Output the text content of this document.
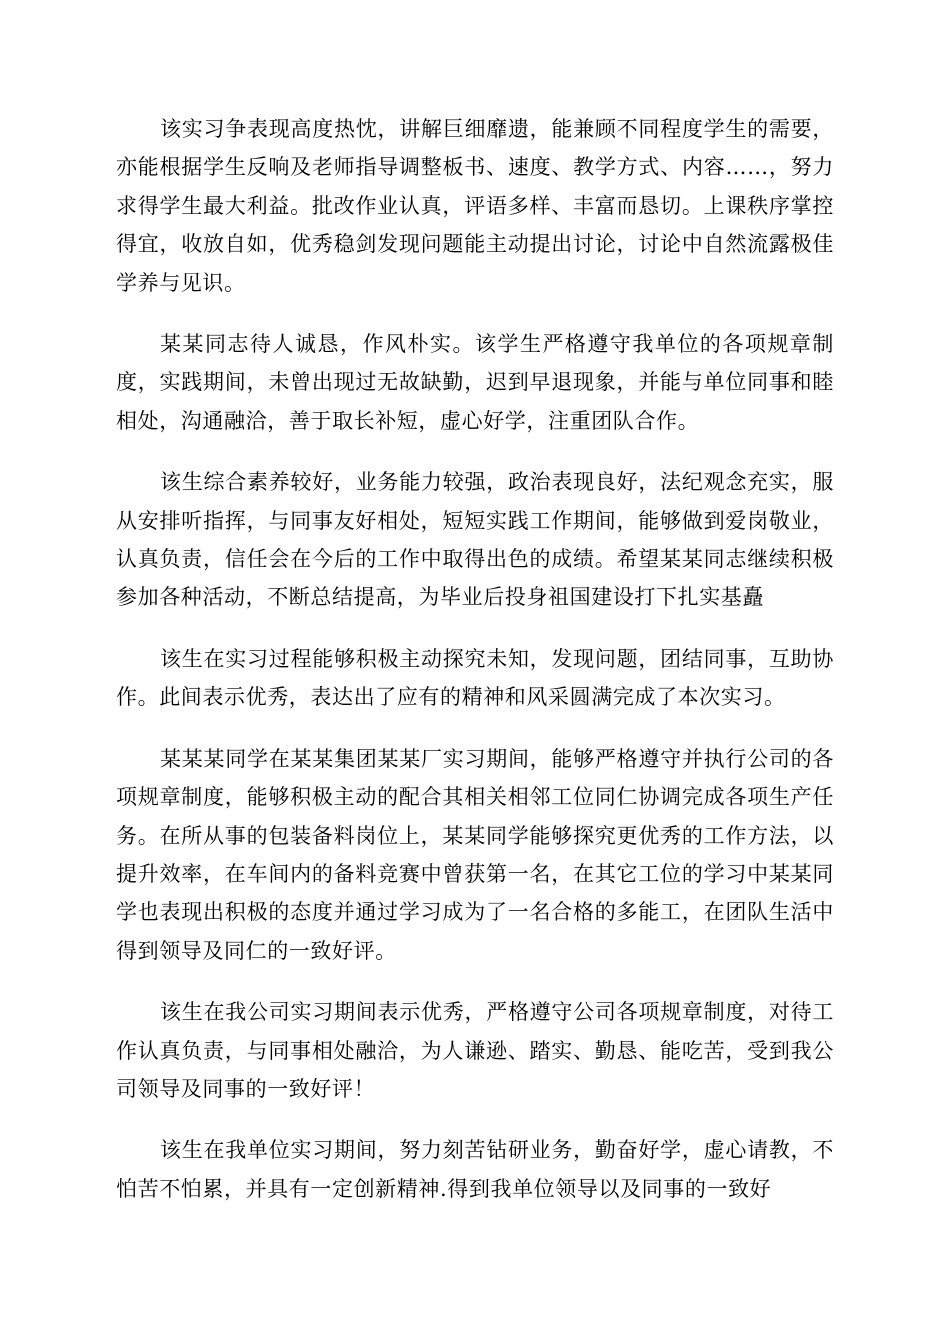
该实习争表现高度热忱，讲解巨细靡遗，能兼顾不同程度学生的需要，亦能根据学生反响及老师指导调整板书、速度、教学方式、内容……，努力求得学生最大利益。批改作业认真，评语多样、丰富而恳切。上课秩序掌控得宜，收放自如，优秀稳剑发现问题能主动提出讨论，讨论中自然流露极佳学养与见识。

某某同志待人诚恳，作风朴实。该学生严格遵守我单位的各项规章制度，实践期间，未曾出现过无故缺勤，迟到早退现象，并能与单位同事和睦相处，沟通融洽，善于取长补短，虚心好学，注重团队合作。

该生综合素养较好，业务能力较强，政治表现良好，法纪观念充实，服从安排听指挥，与同事友好相处，短短实践工作期间，能够做到爱岗敬业，认真负责，信任会在今后的工作中取得出色的成绩。希望某某同志继续积极参加各种活动，不断总结提高，为毕业后投身祖国建设打下扎实基矗

该生在实习过程能够积极主动探究未知，发现问题，团结同事，互助协作。此间表示优秀，表达出了应有的精神和风采圆满完成了本次实习。

某某某同学在某某集团某某厂实习期间，能够严格遵守并执行公司的各项规章制度，能够积极主动的配合其相关相邻工位同仁协调完成各项生产任务。在所从事的包装备料岗位上，某某同学能够探究更优秀的工作方法，以提升效率，在车间内的备料竞赛中曾获第一名，在其它工位的学习中某某同学也表现出积极的态度并通过学习成为了一名合格的多能工，在团队生活中得到领导及同仁的一致好评。

该生在我公司实习期间表示优秀，严格遵守公司各项规章制度，对待工作认真负责，与同事相处融洽，为人谦逊、踏实、勤恳、能吃苦，受到我公司领导及同事的一致好评！

该生在我单位实习期间，努力刻苦钻研业务，勤奋好学，虚心请教，不怕苦不怕累，并具有一定创新精神.得到我单位领导以及同事的一致好
